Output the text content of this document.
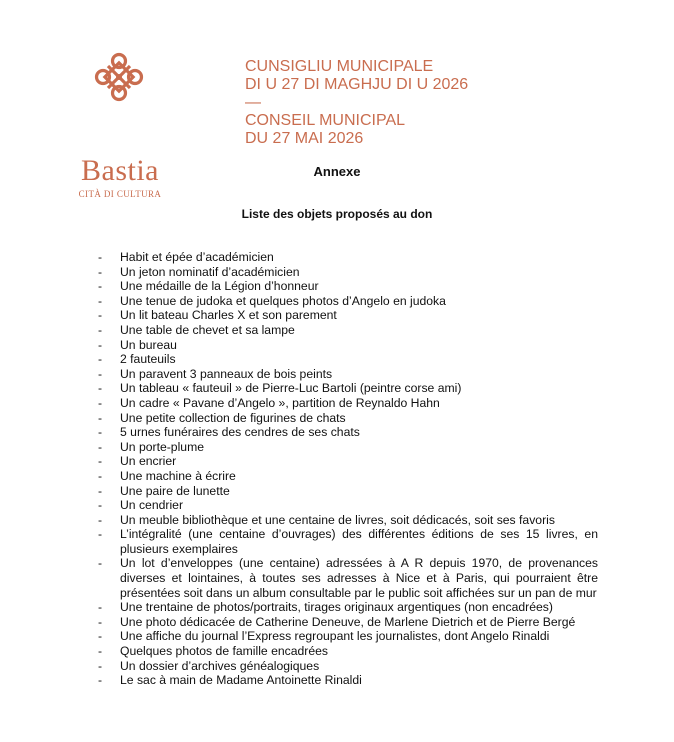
Bastia
CITÀ DI CULTURA
CUNSIGLIU MUNICIPALE
DI U 27 DI MAGHJU DI U 2026
—
CONSEIL MUNICIPAL
DU 27 MAI 2026
Annexe
Liste des objets proposés au don
- Habit et épée d’académicien
- Un jeton nominatif d’académicien
- Une médaille de la Légion d’honneur
- Une tenue de judoka et quelques photos d’Angelo en judoka
- Un lit bateau Charles X et son parement
- Une table de chevet et sa lampe
- Un bureau
- 2 fauteuils
- Un paravent 3 panneaux de bois peints
- Un tableau « fauteuil » de Pierre-Luc Bartoli (peintre corse ami)
- Un cadre « Pavane d’Angelo », partition de Reynaldo Hahn
- Une petite collection de figurines de chats
- 5 urnes funéraires des cendres de ses chats
- Un porte-plume
- Un encrier
- Une machine à écrire
- Une paire de lunette
- Un cendrier
- Un meuble bibliothèque et une centaine de livres, soit dédicacés, soit ses favoris
- L’intégralité (une centaine d’ouvrages) des différentes éditions de ses 15 livres, en plusieurs exemplaires
- Un lot d’enveloppes (une centaine) adressées à A R depuis 1970, de provenances diverses et lointaines, à toutes ses adresses à Nice et à Paris, qui pourraient être présentées soit dans un album consultable par le public soit affichées sur un pan de mur
- Une trentaine de photos/portraits, tirages originaux argentiques (non encadrées)
- Une photo dédicacée de Catherine Deneuve, de Marlene Dietrich et de Pierre Bergé
- Une affiche du journal l’Express regroupant les journalistes, dont Angelo Rinaldi
- Quelques photos de famille encadrées
- Un dossier d’archives généalogiques
- Le sac à main de Madame Antoinette Rinaldi
